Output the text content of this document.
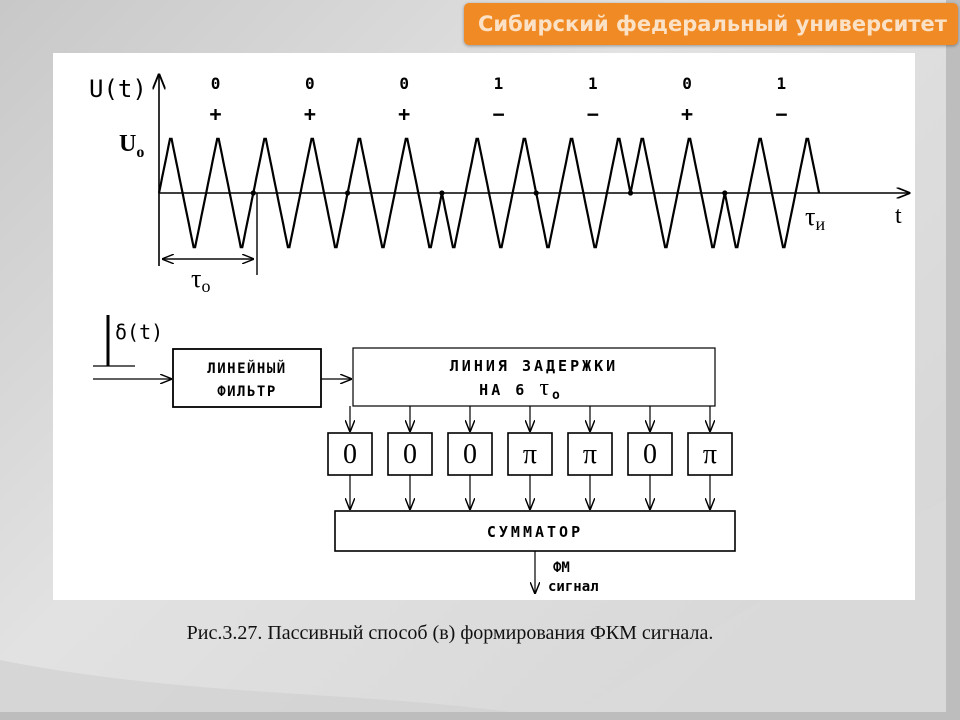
Сибирский федеральный университет
U(t)
$U_o$
t
τи
0
+
0
+
0
+
1
−
1
−
0
+
1
−
τo
δ(t)
ЛИНЕЙНЫЙ
ФИЛЬТР
ЛИНИЯ ЗАДЕРЖКИ
НА 6 τo
0 0 0 π π 0 π
СУММАТОР
ФМ
сигнал
Рис.3.27. Пассивный способ (в) формирования ФКМ сигнала.
